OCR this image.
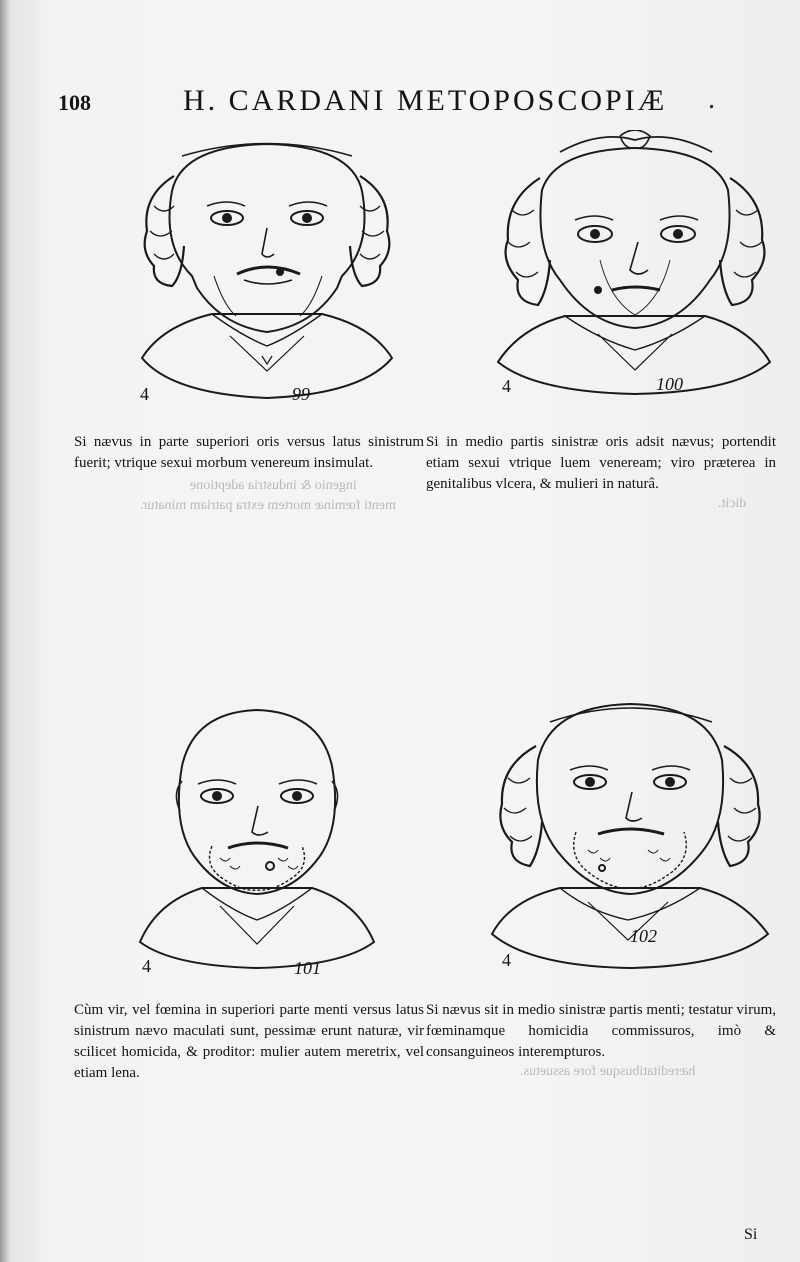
108	H. CARDANI METOPOSCOPIÆ .
ingenio & industria adeptione
menti fœminæ mortem extra patriam minatur.	dicit.
hæreditatibusque fore assuetus.
4	99	4	100
4	101	4
102
Si nævus in parte superiori oris versus latus sinistrum fuerit; vtrique sexui morbum venereum insimulat.
Si in medio partis sinistræ oris adsit nævus; portendit etiam sexui vtrique luem veneream; viro præterea in genitalibus vlcera, & mulieri in naturâ.
Cùm vir, vel fœmina in superiori parte menti versus latus sinistrum nævo maculati sunt, pessimæ erunt naturæ, vir scilicet homicida, & proditor: mulier autem meretrix, vel etiam lena.
Si nævus sit in medio sinistræ partis menti; testatur virum, fœminamque homicidia commissuros, imò & consanguineos interempturos.
Si
